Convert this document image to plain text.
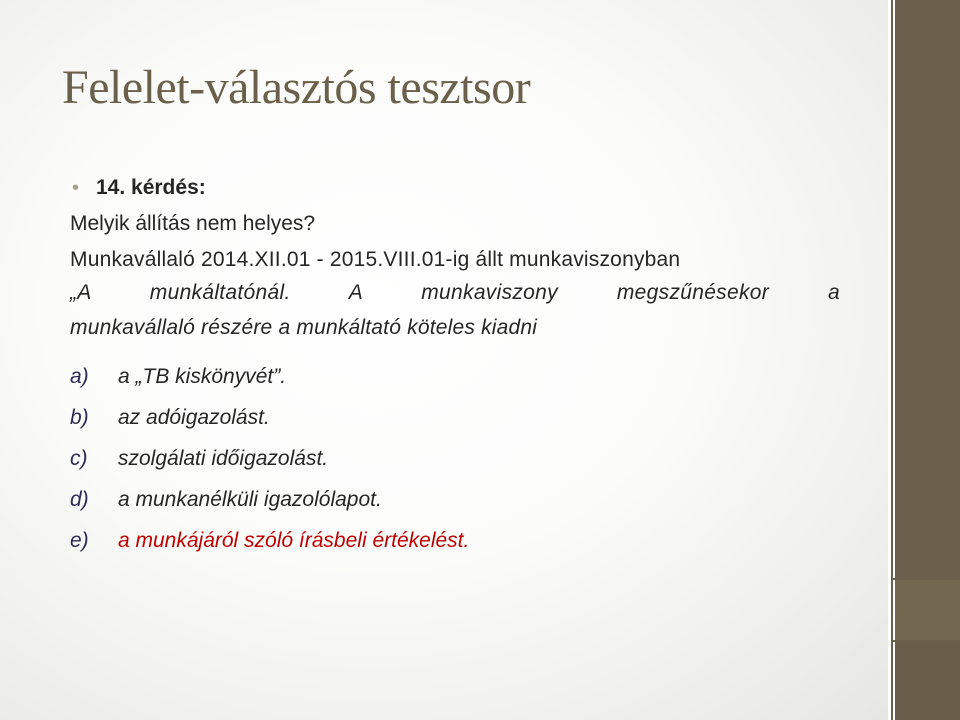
Felelet-választós tesztsor
• 14. kérdés:
Melyik állítás nem helyes?
Munkavállaló 2014.XII.01 - 2015.VIII.01-ig állt munkaviszonyban
„A munkáltatónál. A munkaviszony megszűnésekor a
munkavállaló részére a munkáltató köteles kiadni
a) a „TB kiskönyvét”.
b) az adóigazolást.
c) szolgálati időigazolást.
d) a munkanélküli igazolólapot.
e) a munkájáról szóló írásbeli értékelést.
